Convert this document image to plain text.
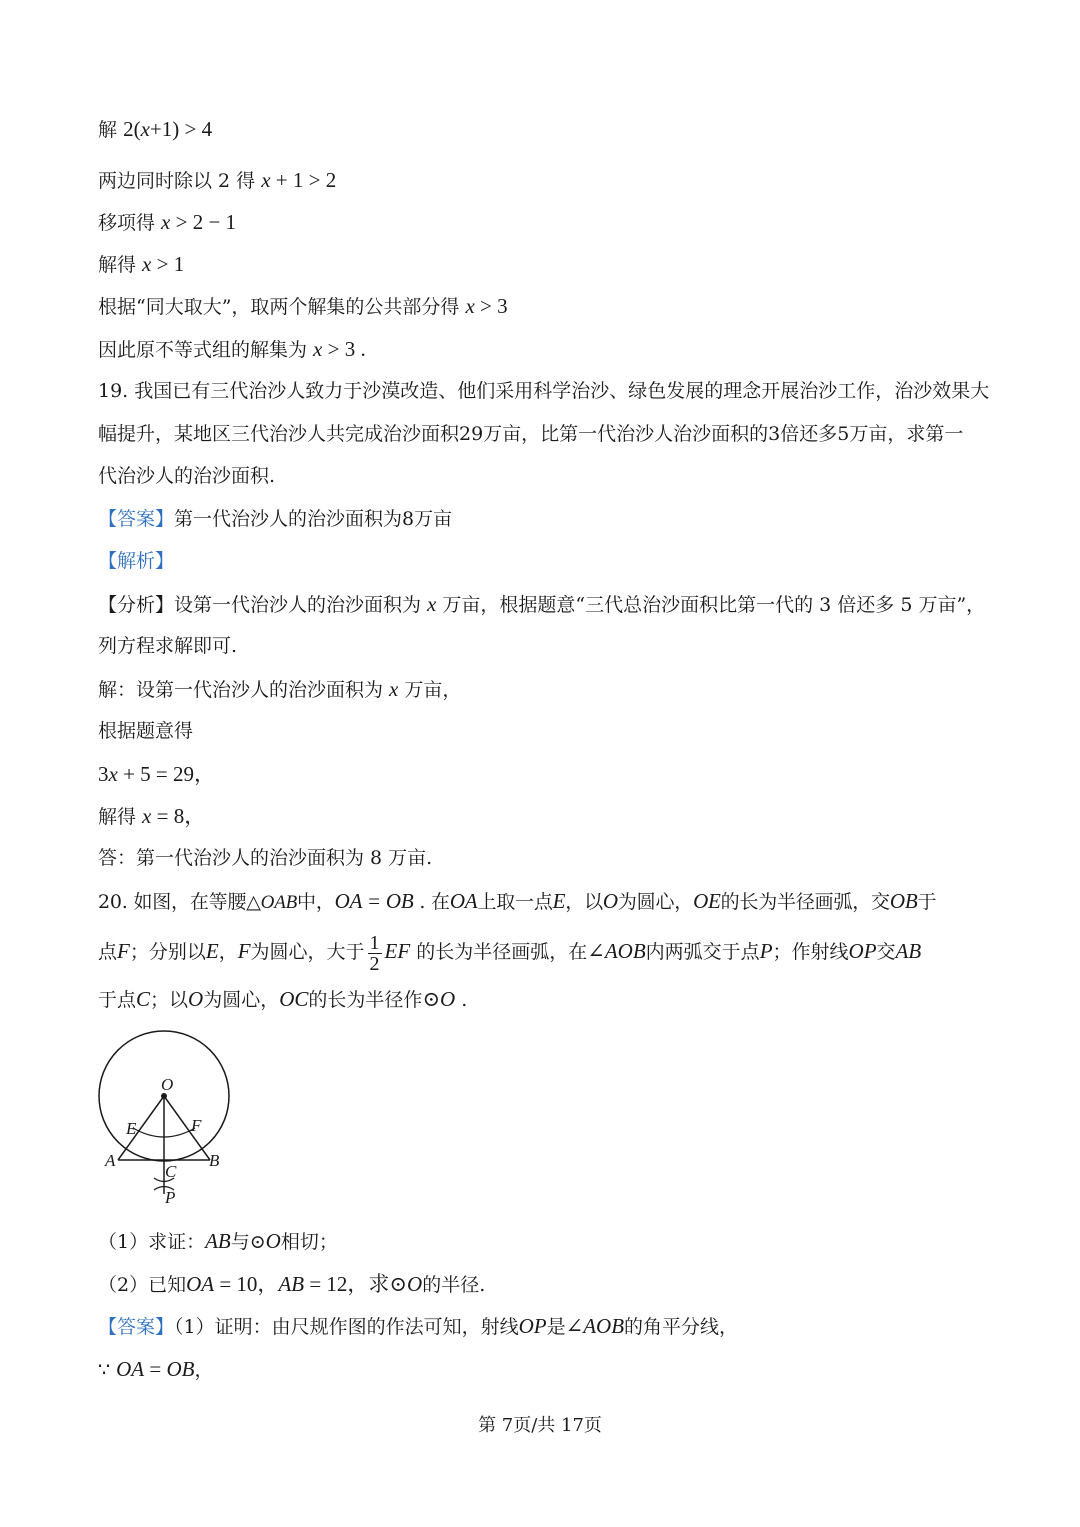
解 2(x+1) > 4
两边同时除以 2 得 x + 1 > 2
移项得 x > 2 − 1
解得 x > 1
根据“同大取大”，取两个解集的公共部分得 x > 3
因此原不等式组的解集为 x > 3 .
19. 我国已有三代治沙人致力于沙漠改造、他们采用科学治沙、绿色发展的理念开展治沙工作，治沙效果大
幅提升，某地区三代治沙人共完成治沙面积29万亩，比第一代治沙人治沙面积的3倍还多5万亩，求第一
代治沙人的治沙面积.
【答案】第一代治沙人的治沙面积为8万亩
【解析】
【分析】设第一代治沙人的治沙面积为 x 万亩，根据题意“三代总治沙面积比第一代的 3 倍还多 5 万亩”，
列方程求解即可.
解：设第一代治沙人的治沙面积为 x 万亩，
根据题意得
3x + 5 = 29，
解得 x = 8，
答：第一代治沙人的治沙面积为 8 万亩.
20. 如图，在等腰△OAB中，OA = OB . 在OA上取一点E，以O为圆心，OE的长为半径画弧，交OB于
点F；分别以E，F为圆心，大于 $\frac{1}{2}$ EF 的长为半径画弧，在∠AOB内两弧交于点P；作射线OP交AB
于点C；以O为圆心，OC的长为半径作⊙O .
O
E	F
A	B
C
P
（1）求证：AB与⊙O相切；
（2）已知OA = 10，AB = 12，求⊙O的半径.
【答案】（1）证明：由尺规作图的作法可知，射线OP是∠AOB的角平分线，
∵ OA = OB，
第 7页/共 17页
